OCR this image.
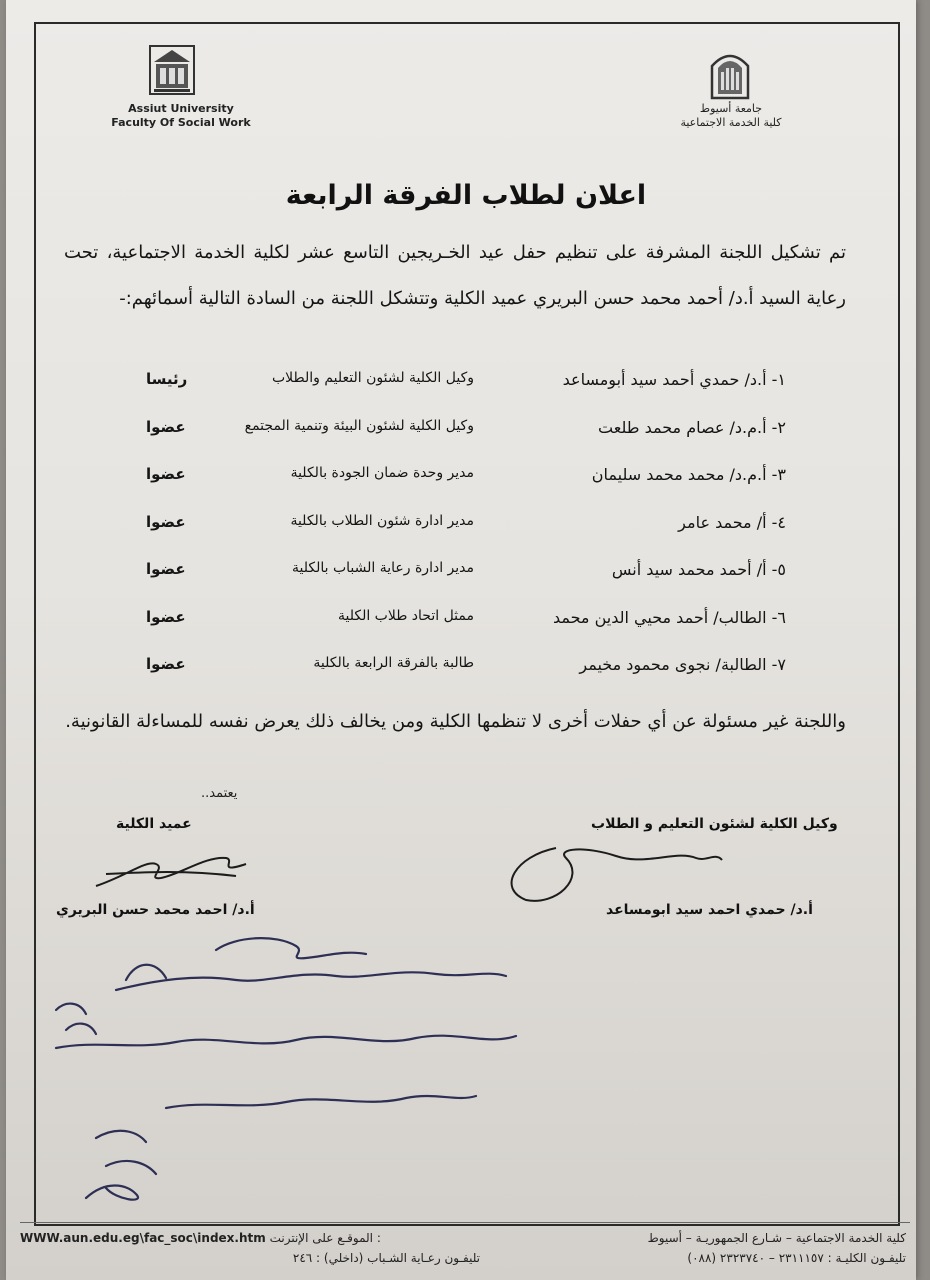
Assiut University
Faculty Of Social Work
جامعة أسيوط
كلية الخدمة الاجتماعية
اعلان لطلاب الفرقة الرابعة
تم تشكيل اللجنة المشرفة على تنظيم حفل عيد الخـريجين التاسع عشر لكلية الخدمة الاجتماعية، تحت رعاية السيد أ.د/ أحمد محمد حسن البريري عميد الكلية وتتشكل اللجنة من السادة التالية أسمائهم:-
١- أ.د/ حمدي أحمد سيد أبومساعد
وكيل الكلية لشئون التعليم والطلاب
رئيسا
٢- أ.م.د/ عصام محمد طلعت
وكيل الكلية لشئون البيئة وتنمية المجتمع
عضوا
٣- أ.م.د/ محمد محمد سليمان
مدير وحدة ضمان الجودة بالكلية
عضوا
٤- أ/ محمد عامر
مدير ادارة شئون الطلاب بالكلية
عضوا
٥- أ/ أحمد محمد سيد أنس
مدير ادارة رعاية الشباب بالكلية
عضوا
٦- الطالب/ أحمد محيي الدين محمد
ممثل اتحاد طلاب الكلية
عضوا
٧- الطالبة/ نجوى محمود مخيمر
طالبة بالفرقة الرابعة بالكلية
عضوا
واللجنة غير مسئولة عن أي حفلات أخرى لا تنظمها الكلية ومن يخالف ذلك يعرض نفسه للمساءلة القانونية.
يعتمد..
عميد الكلية	وكيل الكلية لشئون التعليم و الطلاب
أ.د/ احمد محمد حسن البريري	أ.د/ حمدي احمد سيد ابومساعد
كلية الخدمة الاجتماعية – شـارع الجمهوريـة – أسيوط
تليفـون الكليـة : ٢٣١١١٥٧ – ٢٣٢٣٧٤٠ (٠٨٨)
WWW.aun.edu.eg\fac_soc\index.htm الموقـع على الإنترنت :
تليفـون رعـاية الشـباب (داخلي) : ٢٤٦
